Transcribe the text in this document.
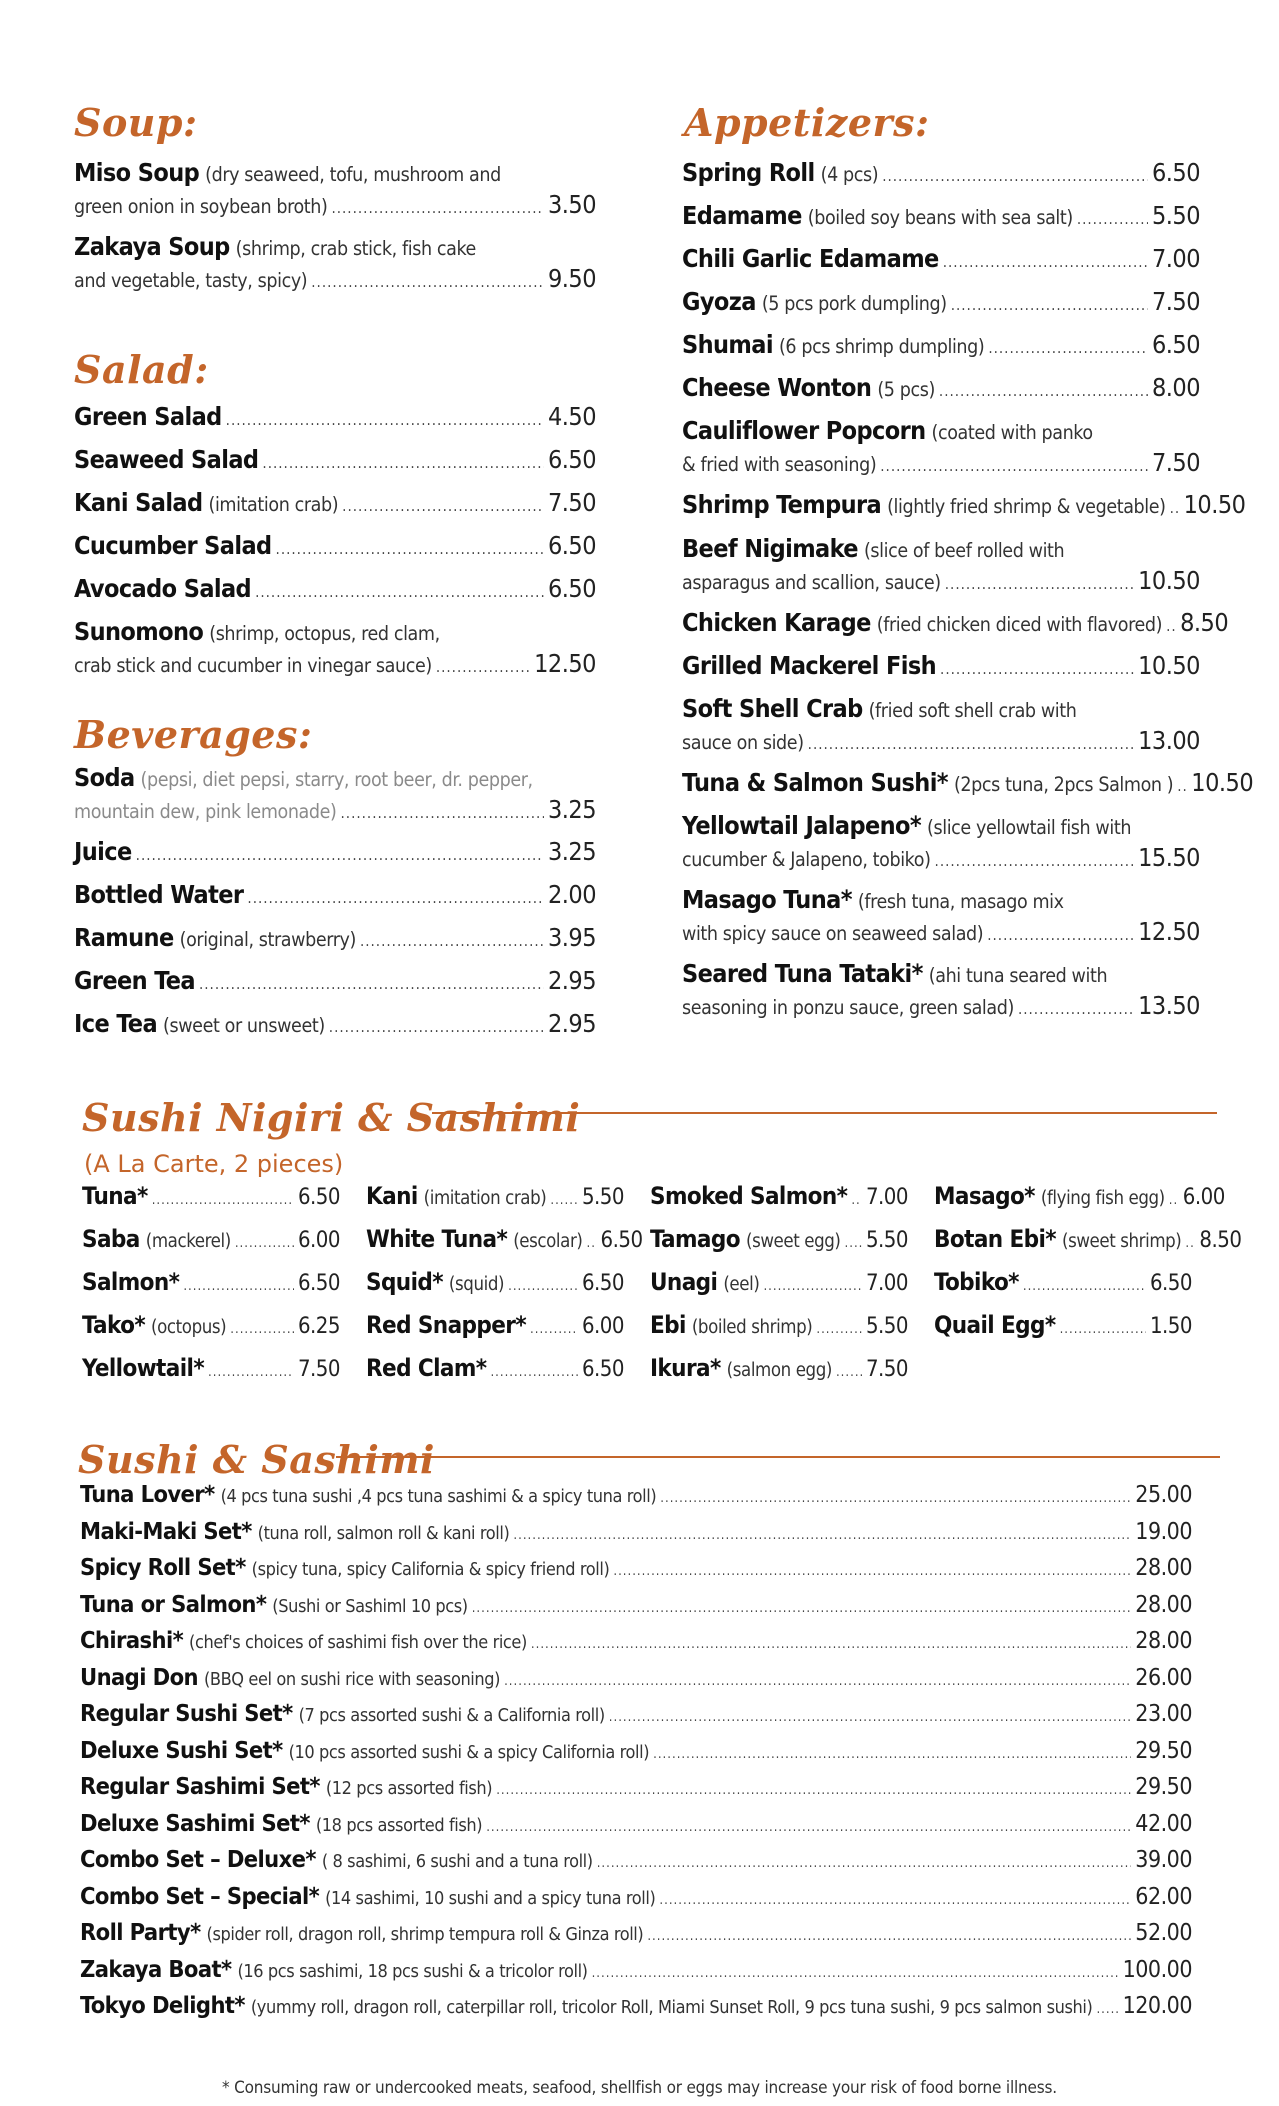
Soup:
Salad:
Beverages:
Appetizers:
Sushi Nigiri & Sashimi
(A La Carte, 2 pieces)
Sushi & Sashimi
Miso Soup (dry seaweed, tofu, mushroom and
green onion in soybean broth) .....	3.50
Zakaya Soup (shrimp, crab stick, fish cake
and vegetable, tasty, spicy) .....	9.50
Green Salad .....	4.50
Seaweed Salad .....	6.50
Kani Salad (imitation crab) .....	7.50
Cucumber Salad .....	6.50
Avocado Salad .....	6.50
Sunomono (shrimp, octopus, red clam,
crab stick and cucumber in vinegar sauce) .....	12.50
Soda (pepsi, diet pepsi, starry, root beer, dr. pepper,
mountain dew, pink lemonade) .....	3.25
Juice .....	3.25
Bottled Water .....	2.00
Ramune (original, strawberry) .....	3.95
Green Tea .....	2.95
Ice Tea (sweet or unsweet) .....	2.95
Spring Roll (4 pcs) .....	6.50
Edamame (boiled soy beans with sea salt) .....	5.50
Chili Garlic Edamame .....	7.00
Gyoza (5 pcs pork dumpling) .....	7.50
Shumai (6 pcs shrimp dumpling) .....	6.50
Cheese Wonton (5 pcs) .....	8.00
Cauliflower Popcorn (coated with panko
& fried with seasoning) .....	7.50
Shrimp Tempura (lightly fried shrimp & vegetable) ..... 10.50
Beef Nigimake (slice of beef rolled with
asparagus and scallion, sauce) .....	10.50
Chicken Karage (fried chicken diced with flavored) ..... 8.50
Grilled Mackerel Fish .....	10.50
Soft Shell Crab (fried soft shell crab with
sauce on side) .....	13.00
Tuna & Salmon Sushi* (2pcs tuna, 2pcs Salmon ) ..... 10.50
Yellowtail Jalapeno* (slice yellowtail fish with
cucumber & Jalapeno, tobiko) .....	15.50
Masago Tuna* (fresh tuna, masago mix
with spicy sauce on seaweed salad) .....	12.50
Seared Tuna Tataki* (ahi tuna seared with
seasoning in ponzu sauce, green salad) .....	13.50
Tuna* .....	6.50
Saba (mackerel) .....	6.00
Salmon* .....	6.50
Tako* (octopus) .....	6.25
Yellowtail* .....	7.50
Kani (imitation crab) ..... 5.50
White Tuna* (escolar) ..... 6.50
Squid* (squid) .....	6.50
Red Snapper* .....	6.00
Red Clam* .....	6.50
Smoked Salmon* ..... 7.00
Tamago (sweet egg) ..... 5.50
Unagi (eel) .....	7.00
Ebi (boiled shrimp) ..... 5.50
Ikura* (salmon egg) ..... 7.50
Masago* (flying fish egg) ..... 6.00
Botan Ebi* (sweet shrimp) ..... 8.50
Tobiko* .....	6.50
Quail Egg* .....	1.50
Tuna Lover* (4 pcs tuna sushi ,4 pcs tuna sashimi & a spicy tuna roll) .....	25.00
Maki-Maki Set* (tuna roll, salmon roll & kani roll) .....	19.00
Spicy Roll Set* (spicy tuna, spicy California & spicy friend roll) .....	28.00
Tuna or Salmon* (Sushi or Sashiml 10 pcs) .....	28.00
Chirashi* (chef's choices of sashimi fish over the rice) .....	28.00
Unagi Don (BBQ eel on sushi rice with seasoning) .....	26.00
Regular Sushi Set* (7 pcs assorted sushi & a California roll) .....	23.00
Deluxe Sushi Set* (10 pcs assorted sushi & a spicy California roll) .....	29.50
Regular Sashimi Set* (12 pcs assorted fish) .....	29.50
Deluxe Sashimi Set* (18 pcs assorted fish) .....	42.00
Combo Set – Deluxe* ( 8 sashimi, 6 sushi and a tuna roll) .....	39.00
Combo Set – Special* (14 sashimi, 10 sushi and a spicy tuna roll) .....	62.00
Roll Party* (spider roll, dragon roll, shrimp tempura roll & Ginza roll) .....	52.00
Zakaya Boat* (16 pcs sashimi, 18 pcs sushi & a tricolor roll) .....	100.00
Tokyo Delight* (yummy roll, dragon roll, caterpillar roll, tricolor Roll, Miami Sunset Roll, 9 pcs tuna sushi, 9 pcs salmon sushi) ..... 120.00
* Consuming raw or undercooked meats, seafood, shellfish or eggs may increase your risk of food borne illness.
